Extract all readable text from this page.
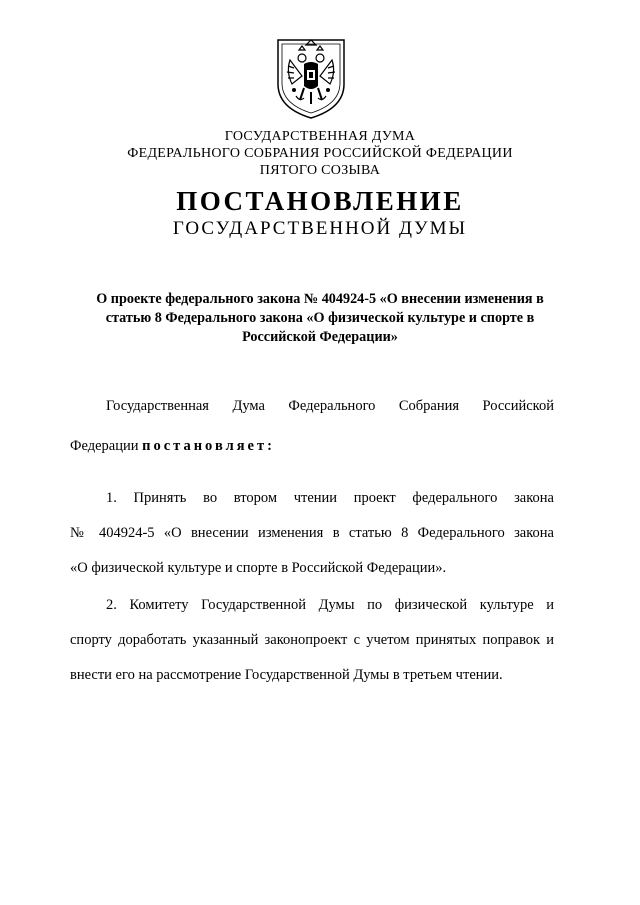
ГОСУДАРСТВЕННАЯ ДУМА
ФЕДЕРАЛЬНОГО СОБРАНИЯ РОССИЙСКОЙ ФЕДЕРАЦИИ
ПЯТОГО СОЗЫВА
ПОСТАНОВЛЕНИЕ
ГОСУДАРСТВЕННОЙ ДУМЫ
О проекте федерального закона № 404924-5 «О внесении изменения в
статью 8 Федерального закона «О физической культуре и спорте в
Российской Федерации»
Государственная Дума Федерального Собрания Российской
Федерации постановляет:
1. Принять во втором чтении проект федерального закона
№ 404924-5 «О внесении изменения в статью 8 Федерального закона
«О физической культуре и спорте в Российской Федерации».
2. Комитету Государственной Думы по физической культуре и
спорту доработать указанный законопроект с учетом принятых поправок и
внести его на рассмотрение Государственной Думы в третьем чтении.
